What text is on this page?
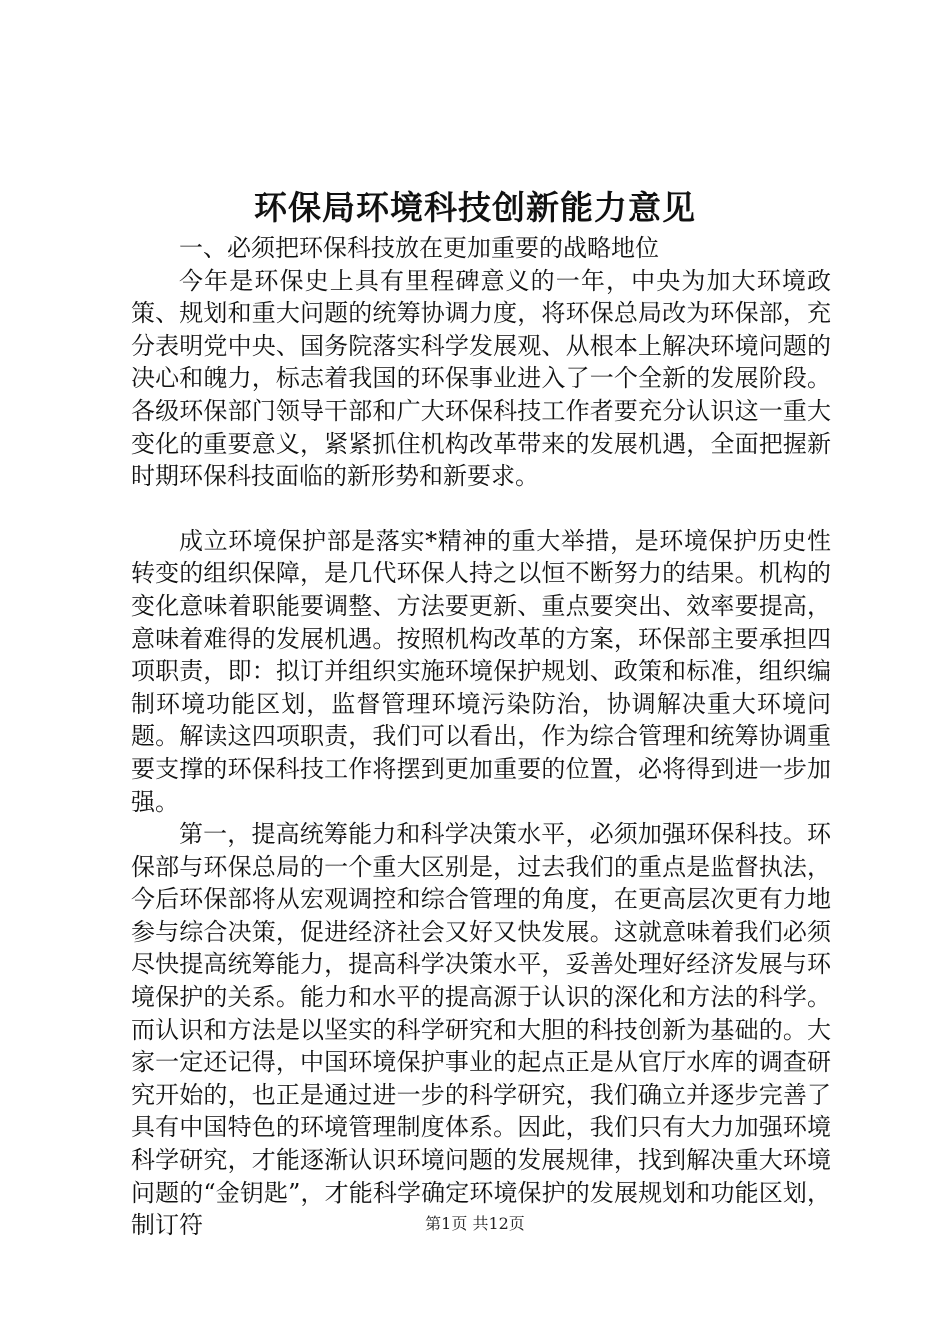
环保局环境科技创新能力意见

一、必须把环保科技放在更加重要的战略地位

今年是环保史上具有里程碑意义的一年，中央为加大环境政策、规划和重大问题的统筹协调力度，将环保总局改为环保部，充分表明党中央、国务院落实科学发展观、从根本上解决环境问题的决心和魄力，标志着我国的环保事业进入了一个全新的发展阶段。各级环保部门领导干部和广大环保科技工作者要充分认识这一重大变化的重要意义，紧紧抓住机构改革带来的发展机遇，全面把握新时期环保科技面临的新形势和新要求。

成立环境保护部是落实*精神的重大举措，是环境保护历史性转变的组织保障，是几代环保人持之以恒不断努力的结果。机构的变化意味着职能要调整、方法要更新、重点要突出、效率要提高，意味着难得的发展机遇。按照机构改革的方案，环保部主要承担四项职责，即：拟订并组织实施环境保护规划、政策和标准，组织编制环境功能区划，监督管理环境污染防治，协调解决重大环境问题。解读这四项职责，我们可以看出，作为综合管理和统筹协调重要支撑的环保科技工作将摆到更加重要的位置，必将得到进一步加强。

第一，提高统筹能力和科学决策水平，必须加强环保科技。环保部与环保总局的一个重大区别是，过去我们的重点是监督执法，今后环保部将从宏观调控和综合管理的角度，在更高层次更有力地参与综合决策，促进经济社会又好又快发展。这就意味着我们必须尽快提高统筹能力，提高科学决策水平，妥善处理好经济发展与环境保护的关系。能力和水平的提高源于认识的深化和方法的科学。而认识和方法是以坚实的科学研究和大胆的科技创新为基础的。大家一定还记得，中国环境保护事业的起点正是从官厅水库的调查研究开始的，也正是通过进一步的科学研究，我们确立并逐步完善了具有中国特色的环境管理制度体系。因此，我们只有大力加强环境科学研究，才能逐渐认识环境问题的发展规律，找到解决重大环境问题的“金钥匙”，才能科学确定环境保护的发展规划和功能区划，制订符	第1页 共12页
